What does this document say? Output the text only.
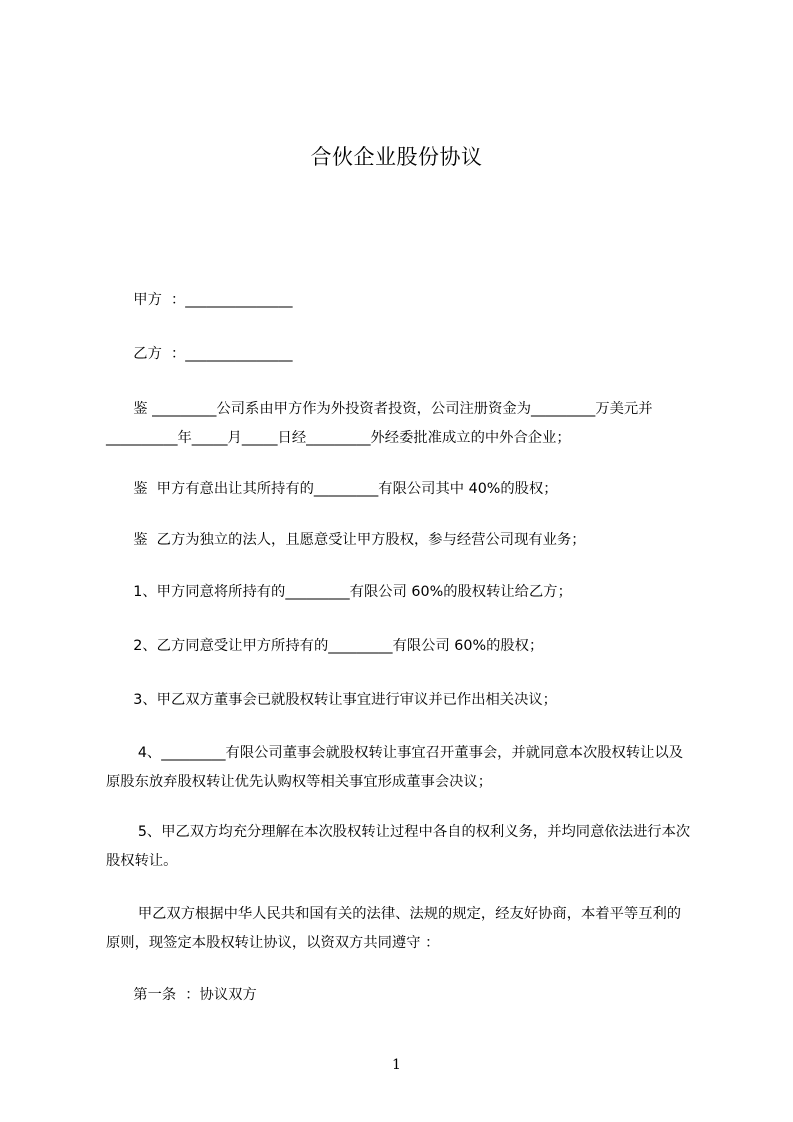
合伙企业股份协议
甲方  ：_______________
乙方  ：_______________
鉴 _________公司系由甲方作为外投资者投资，公司注册资金为_________万美元并  __________年_____月_____日经_________外经委批准成立的中外合企业；
鉴  甲方有意出让其所持有的_________有限公司其中 40%的股权；
鉴  乙方为独立的法人，且愿意受让甲方股权，参与经营公司现有业务；
1、甲方同意将所持有的_________有限公司 60%的股权转让给乙方；
2、乙方同意受让甲方所持有的_________有限公司 60%的股权；
3、甲乙双方董事会已就股权转让事宜进行审议并已作出相关决议；
4、_________有限公司董事会就股权转让事宜召开董事会，并就同意本次股权转让以及原股东放弃股权转让优先认购权等相关事宜形成董事会决议；
5、甲乙双方均充分理解在本次股权转让过程中各自的权利义务，并均同意依法进行本次股权转让。
甲乙双方根据中华人民共和国有关的法律、法规的规定，经友好协商，本着平等互利的原则，现签定本股权转让协议，以资双方共同遵守 ：
第一条  ：协议双方
1
